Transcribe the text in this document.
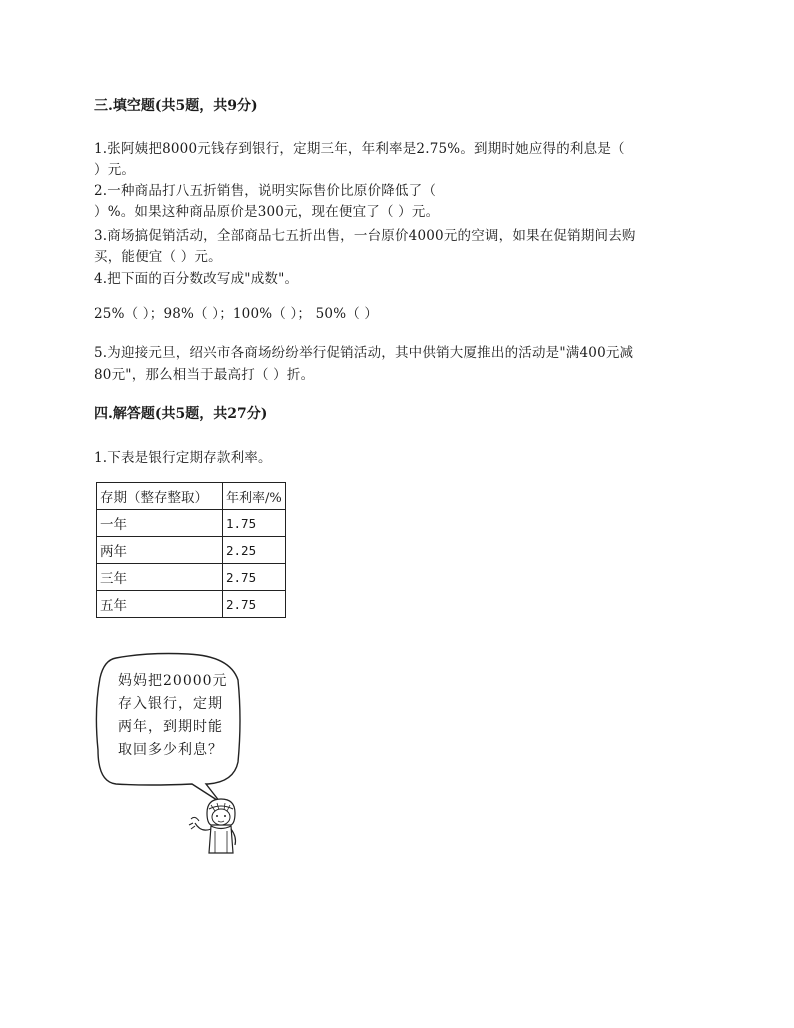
三.填空题(共5题，共9分)
1.张阿姨把8000元钱存到银行，定期三年，年利率是2.75%。到期时她应得的利息是（
）元。
2.一种商品打八五折销售，说明实际售价比原价降低了（
）%。如果这种商品原价是300元，现在便宜了（ ）元。
3.商场搞促销活动，全部商品七五折出售，一台原价4000元的空调，如果在促销期间去购
买，能便宜（ ）元。
4.把下面的百分数改写成"成数"。
25%（ ）；98%（ ）；100%（ ）； 50%（ ）
5.为迎接元旦，绍兴市各商场纷纷举行促销活动，其中供销大厦推出的活动是"满400元减
80元"，那么相当于最高打（ ）折。
四.解答题(共5题，共27分)
1.下表是银行定期存款利率。
存期（整存整取）	年利率/%
一年	1.75
两年	2.25
三年	2.75
五年	2.75
妈妈把20000元存入银行，定期两年，到期时能取回多少利息？
